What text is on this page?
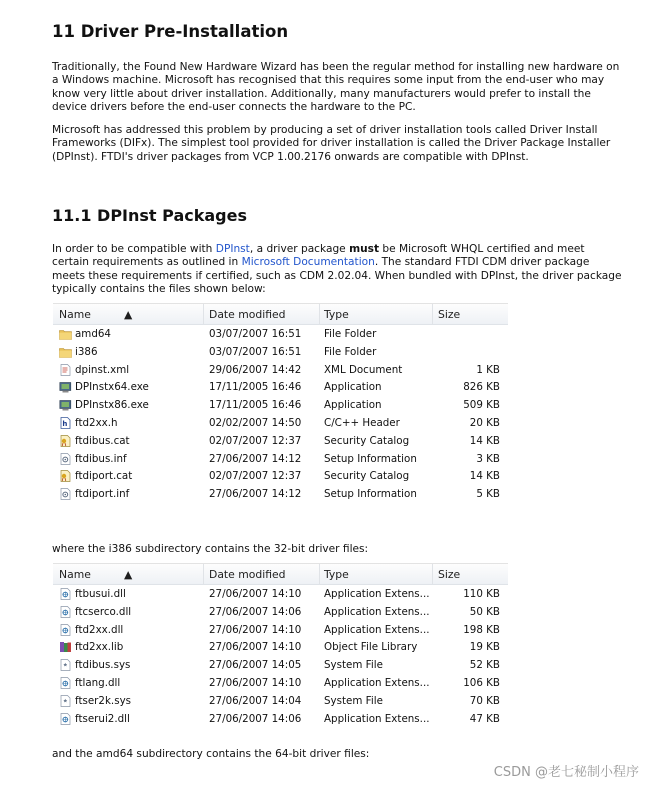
11 Driver Pre-Installation

Traditionally, the Found New Hardware Wizard has been the regular method for installing new hardware on a Windows machine. Microsoft has recognised that this requires some input from the end-user who may know very little about driver installation. Additionally, many manufacturers would prefer to install the device drivers before the end-user connects the hardware to the PC.

Microsoft has addressed this problem by producing a set of driver installation tools called Driver Install Frameworks (DIFx). The simplest tool provided for driver installation is called the Driver Package Installer (DPInst). FTDI's driver packages from VCP 1.00.2176 onwards are compatible with DPInst.

11.1 DPInst Packages

In order to be compatible with DPInst, a driver package must be Microsoft WHQL certified and meet certain requirements as outlined in Microsoft Documentation. The standard FTDI CDM driver package meets these requirements if certified, such as CDM 2.02.04. When bundled with DPInst, the driver package typically contains the files shown below:

▲
Name	Date modified	Type	Size
amd64	03/07/2007 16:51 File Folder
i386	03/07/2007 16:51 File Folder
dpinst.xml	29/06/2007 14:42 XML Document	1 KB
DPInstx64.exe	17/11/2005 16:46 Application	826 KB
DPInstx86.exe	17/11/2005 16:46 Application	509 KB
h ftd2xx.h	02/02/2007 14:50 C/C++ Header	20 KB
ftdibus.cat	02/07/2007 12:37 Security Catalog	14 KB
ftdibus.inf	27/06/2007 14:12 Setup Information	3 KB
ftdiport.cat	02/07/2007 12:37 Security Catalog	14 KB
ftdiport.inf	27/06/2007 14:12 Setup Information	5 KB
where the i386 subdirectory contains the 32-bit driver files:
▲
Name	Date modified	Type	Size
ftbusui.dll	27/06/2007 14:10 Application Extens...	110 KB
ftcserco.dll	27/06/2007 14:06 Application Extens...	50 KB
ftd2xx.dll	27/06/2007 14:10 Application Extens...	198 KB
ftd2xx.lib	27/06/2007 14:10 Object File Library	19 KB
ftdibus.sys	27/06/2007 14:05 System File	52 KB
ftlang.dll	27/06/2007 14:10 Application Extens...	106 KB
ftser2k.sys	27/06/2007 14:04 System File	70 KB
ftserui2.dll	27/06/2007 14:06 Application Extens...	47 KB
and the amd64 subdirectory contains the 64-bit driver files:
CSDN @老七秘制小程序
